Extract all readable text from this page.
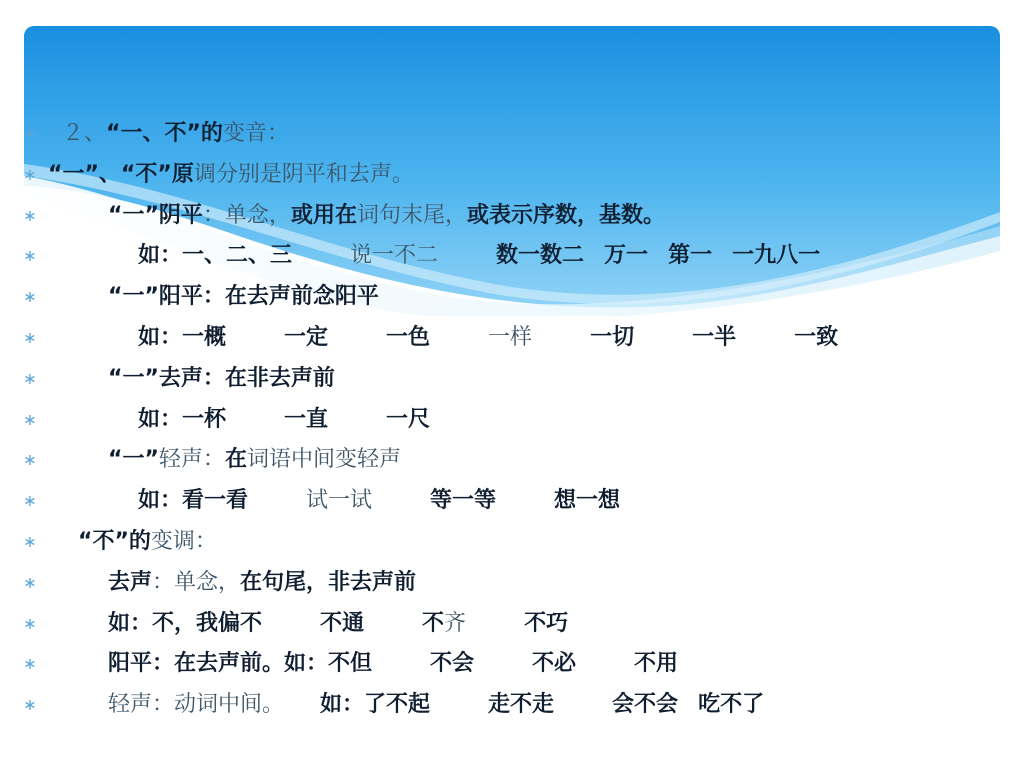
∗ ２、“一、不”的变音：
∗ “一”、“不”原调分别是阴平和去声。
∗	“一”阴平：单念，或用在词句末尾，或表示序数，基数。
∗	如：一、二、三	说一不二	数一数二 万一 第一 一九八一
∗	“一”阳平：在去声前念阳平
∗	如：一概	一定	一色	一样	一切	一半	一致
∗	“一”去声：在非去声前
∗	如：一杯	一直	一尺
∗	“一”轻声：在词语中间变轻声
∗	如：看一看	试一试	等一等	想一想
∗ “不”的变调：
∗	去声：单念，在句尾，非去声前
∗	如：不，我偏不	不通	不齐	不巧
∗	阳平：在去声前。如：不但	不会	不必	不用
∗	轻声：动词中间。 如：了不起	走不走	会不会 吃不了
